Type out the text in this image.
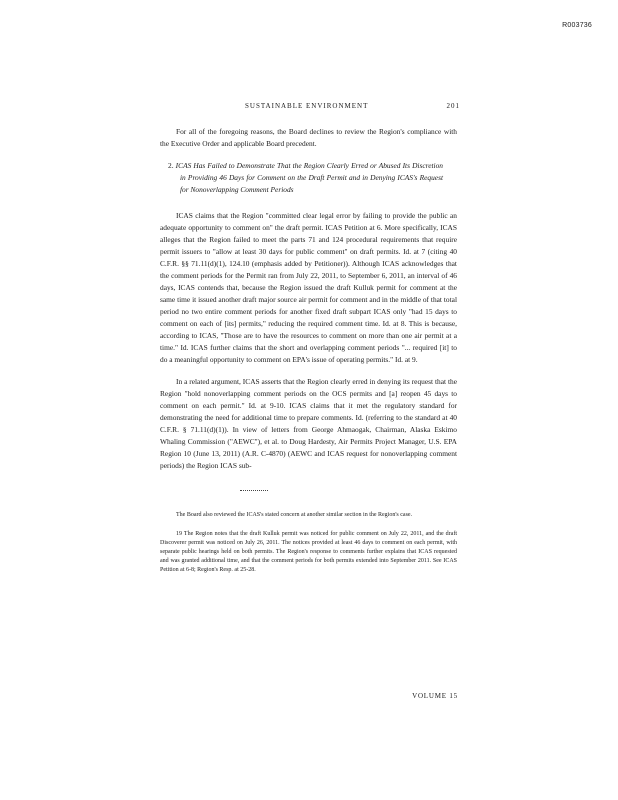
R003736
SUSTAINABLE ENVIRONMENT	201

For all of the foregoing reasons, the Board declines to review the Region's compliance with the Executive Order and applicable Board precedent.

2. ICAS Has Failed to Demonstrate That the Region Clearly Erred or Abused Its Discretion in Providing 46 Days for Comment on the Draft Permit and in Denying ICAS's Request for Nonoverlapping Comment Periods

ICAS claims that the Region "committed clear legal error by failing to provide the public an adequate opportunity to comment on" the draft permit. ICAS Petition at 6. More specifically, ICAS alleges that the Region failed to meet the parts 71 and 124 procedural requirements that require permit issuers to "allow at least 30 days for public comment" on draft permits. Id. at 7 (citing 40 C.F.R. §§ 71.11(d)(1), 124.10 (emphasis added by Petitioner)). Although ICAS acknowledges that the comment periods for the Permit ran from July 22, 2011, to September 6, 2011, an interval of 46 days, ICAS contends that, because the Region issued the draft Kulluk permit for comment at the same time it issued another draft major source air permit for comment and in the middle of that total period no two entire comment periods for another fixed draft subpart ICAS only "had 15 days to comment on each of [its] permits," reducing the required comment time. Id. at 8. This is because, according to ICAS, "Those are to have the resources to comment on more than one air permit at a time." Id. ICAS further claims that the short and overlapping comment periods "... required [it] to do a meaningful opportunity to comment on EPA's issue of operating permits." Id. at 9.

In a related argument, ICAS asserts that the Region clearly erred in denying its request that the Region "hold nonoverlapping comment periods on the OCS permits and [a] reopen 45 days to comment on each permit." Id. at 9-10. ICAS claims that it met the regulatory standard for demonstrating the need for additional time to prepare comments. Id. (referring to the standard at 40 C.F.R. § 71.11(d)(1)). In view of letters from George Ahmaogak, Chairman, Alaska Eskimo Whaling Commission ("AEWC"), et al. to Doug Hardesty, Air Permits Project Manager, U.S. EPA Region 10 (June 13, 2011) (A.R. C-4870) (AEWC and ICAS request for nonoverlapping comment periods) the Region ICAS sub-

The Board also reviewed the ICAS's stated concern at another similar section in the Region's case.

19 The Region notes that the draft Kulluk permit was noticed for public comment on July 22, 2011, and the draft Discoverer permit was noticed on July 26, 2011. The notices provided at least 46 days to comment on each permit, with separate public hearings held on both permits. The Region's response to comments further explains that ICAS requested and was granted additional time, and that the comment periods for both permits extended into September 2011. See ICAS Petition at 6-8; Region's Resp. at 25-28.

VOLUME 15
